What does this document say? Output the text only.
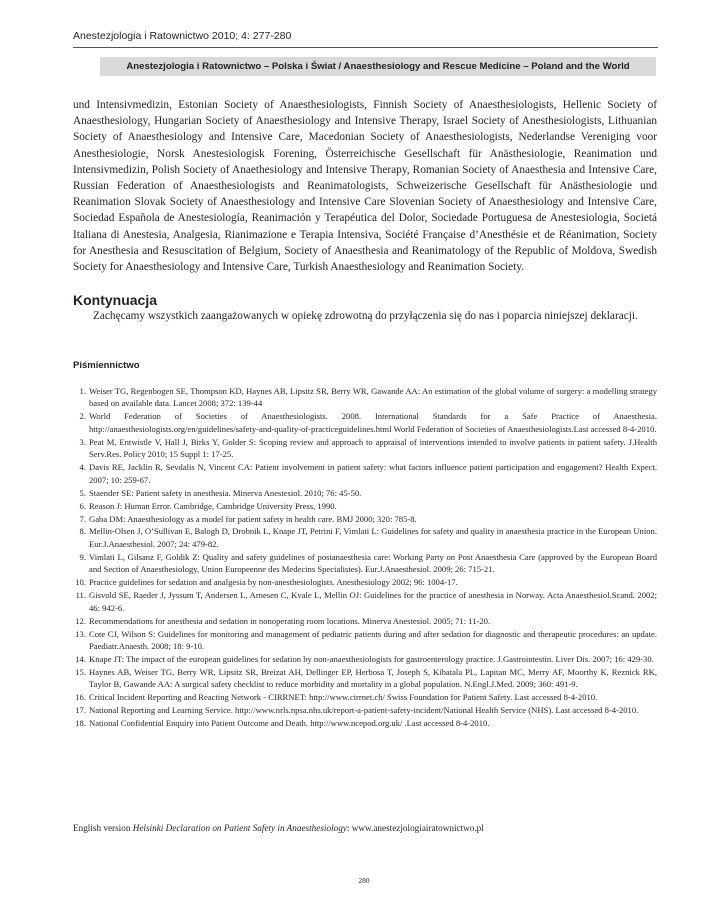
Anestezjologia i Ratownictwo 2010; 4: 277-280
Anestezjologia i Ratownictwo – Polska i Świat / Anaesthesiology and Rescue Medicine – Poland and the World

und Intensivmedizin, Estonian Society of Anaesthesiologists, Finnish Society of Anaesthesiologists, Hellenic Society of Anaesthesiology, Hungarian Society of Anaesthesiology and Intensive Therapy, Israel Society of Anesthesiologists, Lithuanian Society of Anaesthesiology and Intensive Care, Macedonian Society of Anaesthesiologists, Nederlandse Vereniging voor Anesthesiologie, Norsk Anestesiologisk Forening, Österreichische Gesellschaft für Anästhesiologie, Reanimation und Intensivmedizin, Polish Society of Anaethesiology and Intensive Therapy, Romanian Society of Anaesthesia and Intensive Care, Russian Federation of Anaesthesiologists and Reanimatologists, Schweizerische Gesellschaft für Anästhesiologie und Reanimation Slovak Society of Anaesthesiology and Intensive Care Slovenian Society of Anaesthesiology and Intensive Care, Sociedad Española de Anestesiología, Reanimación y Terapéutica del Dolor, Sociedade Portuguesa de Anestesiologia, Societá Italiana di Anestesia, Analgesia, Rianimazione e Terapia Intensiva, Société Française d’Anesthésie et de Réanimation, Society for Anesthesia and Resuscitation of Belgium, Society of Anaesthesia and Reanimatology of the Republic of Moldova, Swedish Society for Anaesthesiology and Intensive Care, Turkish Anaesthesiology and Reanimation Society.

Kontynuacja

Zachęcamy wszystkich zaangażowanych w opiekę zdrowotną do przyłączenia się do nas i poparcia niniejszej deklaracji.

Piśmiennictwo
1. Weiser TG, Regenbogen SE, Thompson KD, Haynes AB, Lipsitz SR, Berry WR, Gawande AA: An estimation of the global volume of surgery: a modelling strategy based on available data. Lancet 2008; 372: 139-44
2. World Federation of Societies of Anaesthesiologists. 2008. International Standards for a Safe Practice of Anaesthesia. http://anaesthesiologists.org/en/guidelines/safety-and-quality-of-practiceguidelines.html World Federation of Societies of Anaesthesiologists.Last accessed 8-4-2010.
3. Peat M, Entwistle V, Hall J, Birks Y, Golder S: Scoping review and approach to appraisal of interventions intended to involve patients in patient safety. J.Health Serv.Res. Policy 2010; 15 Suppl 1: 17-25.
4. Davis RE, Jacklin R, Sevdalis N, Vincent CA: Patient involvement in patient safety: what factors influence patient participation and engagement? Health Expect. 2007; 10: 259-67.
5. Staender SE: Patient safety in anesthesia. Minerva Anestesiol. 2010; 76: 45-50.
6. Reason J: Human Error. Cambridge, Cambridge University Press, 1990.
7. Gaba DM: Anaesthesiology as a model for patient safety in health care. BMJ 2000; 320: 785-8.
8. Mellin-Olsen J, O’Sullivan E, Balogh D, Drobnik L, Knape JT, Petrini F, Vimlati L: Guidelines for safety and quality in anaesthesia practice in the European Union. Eur.J.Anaesthesiol. 2007; 24: 479-82.
9. Vimlati L, Gilsanz F, Goldik Z: Quality and safety guidelines of postanaesthesia care: Working Party on Post Anaesthesia Care (approved by the European Board and Section of Anaesthesiology, Union Europeenne des Medecins Specialistes). Eur.J.Anaesthesiol. 2009; 26: 715-21.
10. Practice guidelines for sedation and analgesia by non-anesthesiologists. Anesthesiology 2002; 96: 1004-17.
11. Gisvold SE, Raeder J, Jyssum T, Andersen L, Arnesen C, Kvale L, Mellin OJ: Guidelines for the practice of anesthesia in Norway. Acta Anaesthesiol.Scand. 2002; 46: 942-6.
12. Recommendations for anesthesia and sedation in nonoperating room locations. Minerva Anestesiol. 2005; 71: 11-20.
13. Cote CJ, Wilson S: Guidelines for monitoring and management of pediatric patients during and after sedation for diagnostic and therapeutic procedures: an update. Paediatr.Anaesth. 2008; 18: 9-10.
14. Knape JT: The impact of the european guidelines for sedation by non-anaesthesiologists for gastroenterology practice. J.Gastrointestin. Liver Dis. 2007; 16: 429-30.
15. Haynes AB, Weiser TG, Berry WR, Lipsitz SR, Breizat AH, Dellinger EP, Herbosa T, Joseph S, Kibatala PL, Lapitan MC, Merry AF, Moorthy K, Reznick RK, Taylor B, Gawande AA: A surgical safety checklist to reduce morbidity and mortality in a global population. N.Engl.J.Med. 2009; 360: 491-9.
16. Critical Incident Reporting and Reacting Network - CIRRNET: http://www.cirrnet.ch/ Swiss Foundation for Patient Safety. Last accessed 8-4-2010.
17. National Reporting and Learning Service. http://www.nrls.npsa.nhs.uk/report-a-patient-safety-incident/National Health Service (NHS). Last accessed 8-4-2010.
18. National Confidential Enquiry into Patient Outcome and Death. http://www.ncepod.org.uk/ .Last accessed 8-4-2010.

English version Helsinki Declaration on Patient Safety in Anaesthesiology: www.anestezjologiairatownictwo.pl

280
